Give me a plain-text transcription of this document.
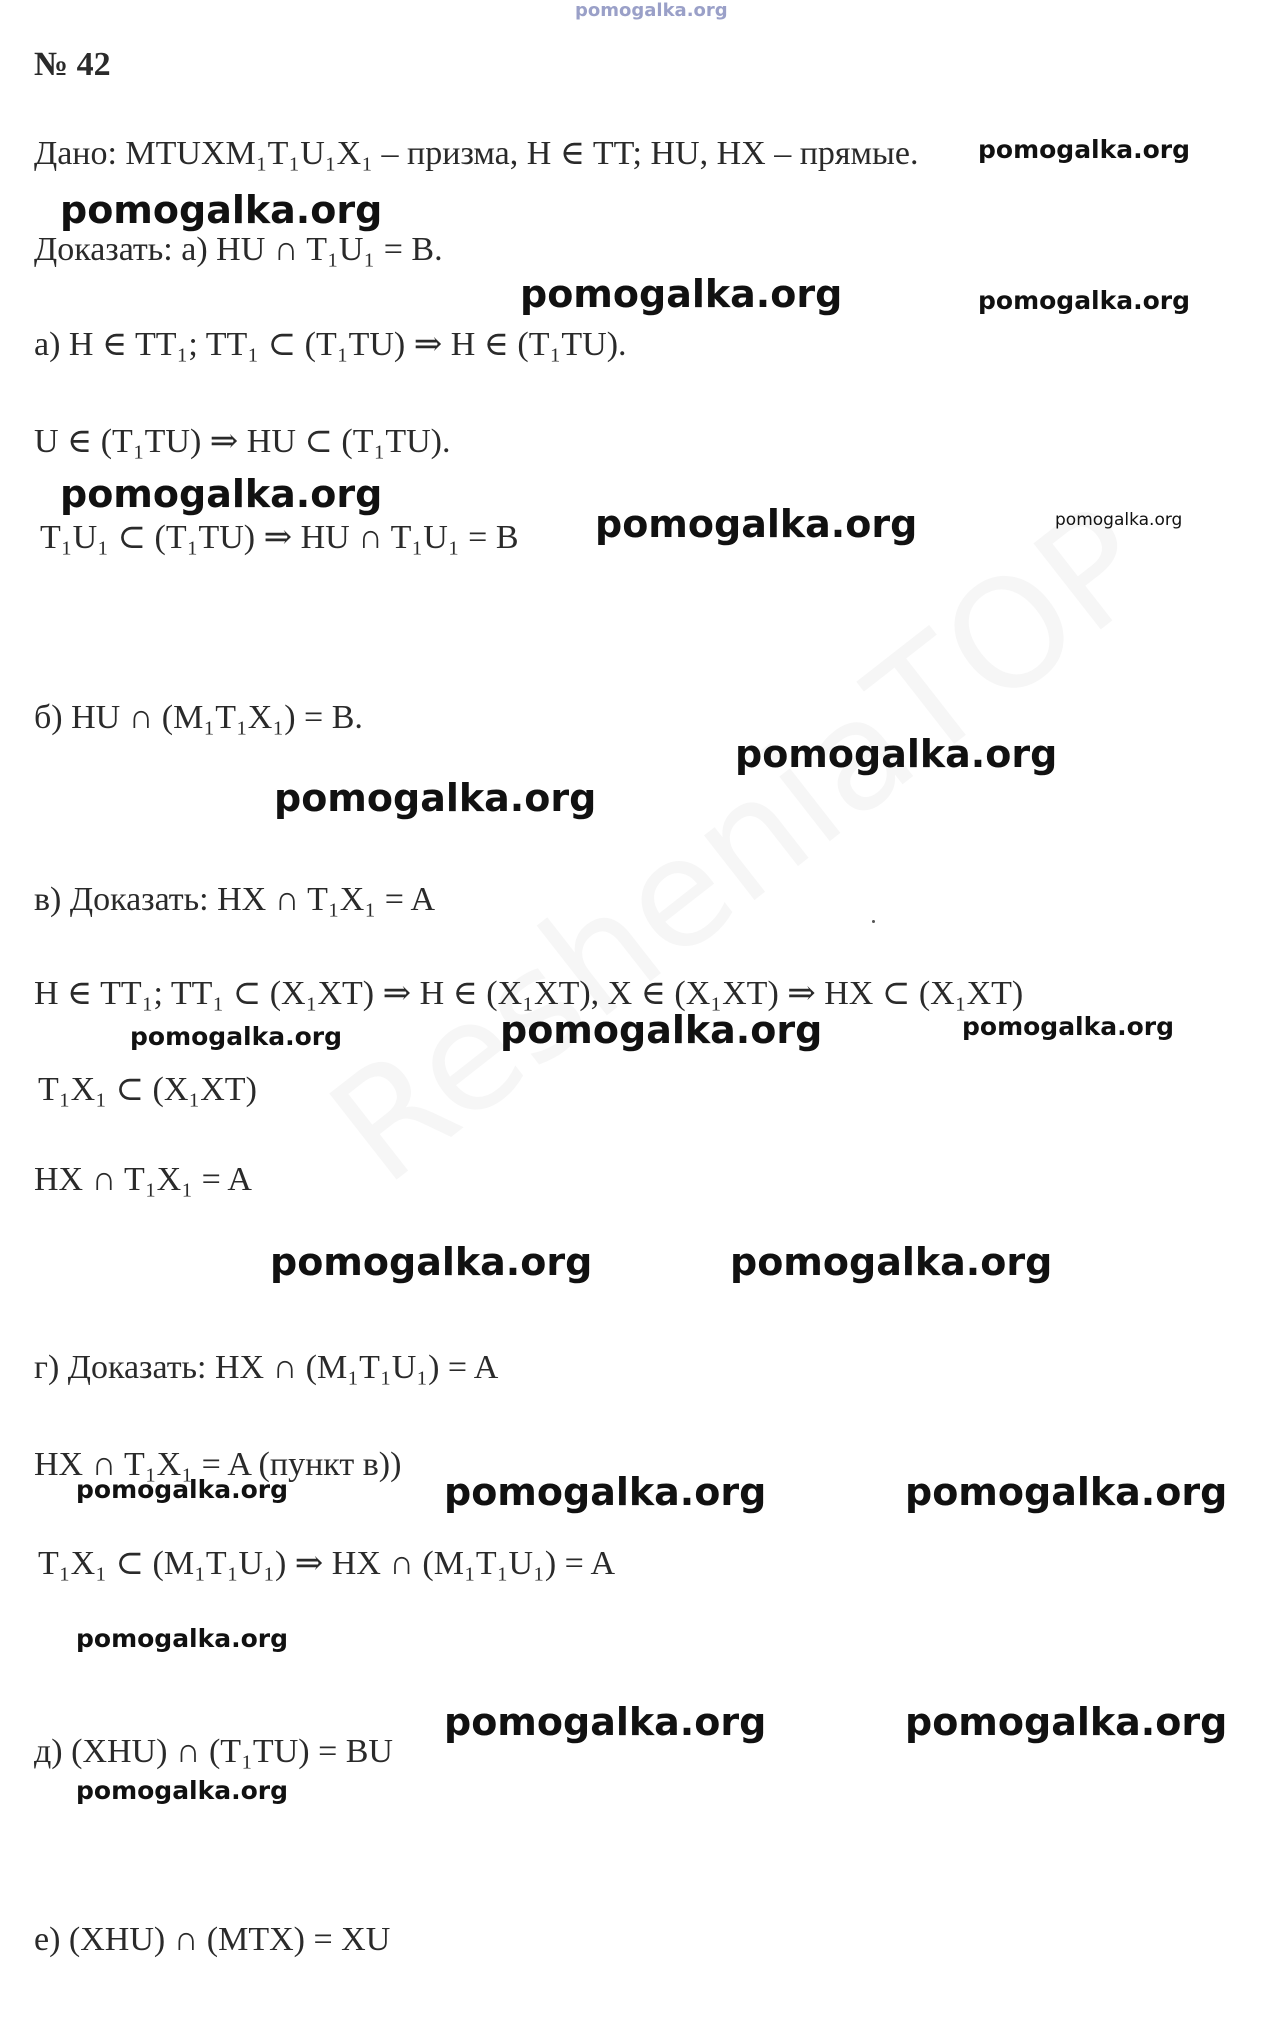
pomogalka.org
№ 42
Дано: MTUXM₁T₁U₁X₁ – призма, H ∈ TT; HU, HX – прямые. pomogalka.org
pomogalka.org
Доказать: а) HU ∩ T₁U₁ = B.
pomogalka.org	pomogalka.org
а) H ∈ TT₁; TT₁ ⊂ (T₁TU) ⇒ H ∈ (T₁TU).
U ∈ (T₁TU) ⇒ HU ⊂ (T₁TU).
pomogalka.org
T₁U₁ ⊂ (T₁TU) ⇒ HU ∩ T₁U₁ = B pomogalka.org	pomogalka.org
б) HU ∩ (M₁T₁X₁) = B.
pomogalka.org
pomogalka.org
в) Доказать: HX ∩ T₁X₁ = A
H ∈ TT₁; TT₁ ⊂ (X₁XT) ⇒ H ∈ (X₁XT), X ∈ (X₁XT) ⇒ HX ⊂ (X₁XT)
pomogalka.org	pomogalka.org	pomogalka.org
T₁X₁ ⊂ (X₁XT)
HX ∩ T₁X₁ = A
pomogalka.org	pomogalka.org
г) Доказать: HX ∩ (M₁T₁U₁) = A
HX ∩ T₁X₁ = A (пункт в))
pomogalka.org	pomogalka.org	pomogalka.org
T₁X₁ ⊂ (M₁T₁U₁) ⇒ HX ∩ (M₁T₁U₁) = A
pomogalka.org
pomogalka.org	pomogalka.org
д) (XHU) ∩ (T₁TU) = BU
pomogalka.org
е) (XHU) ∩ (MTX) = XU
